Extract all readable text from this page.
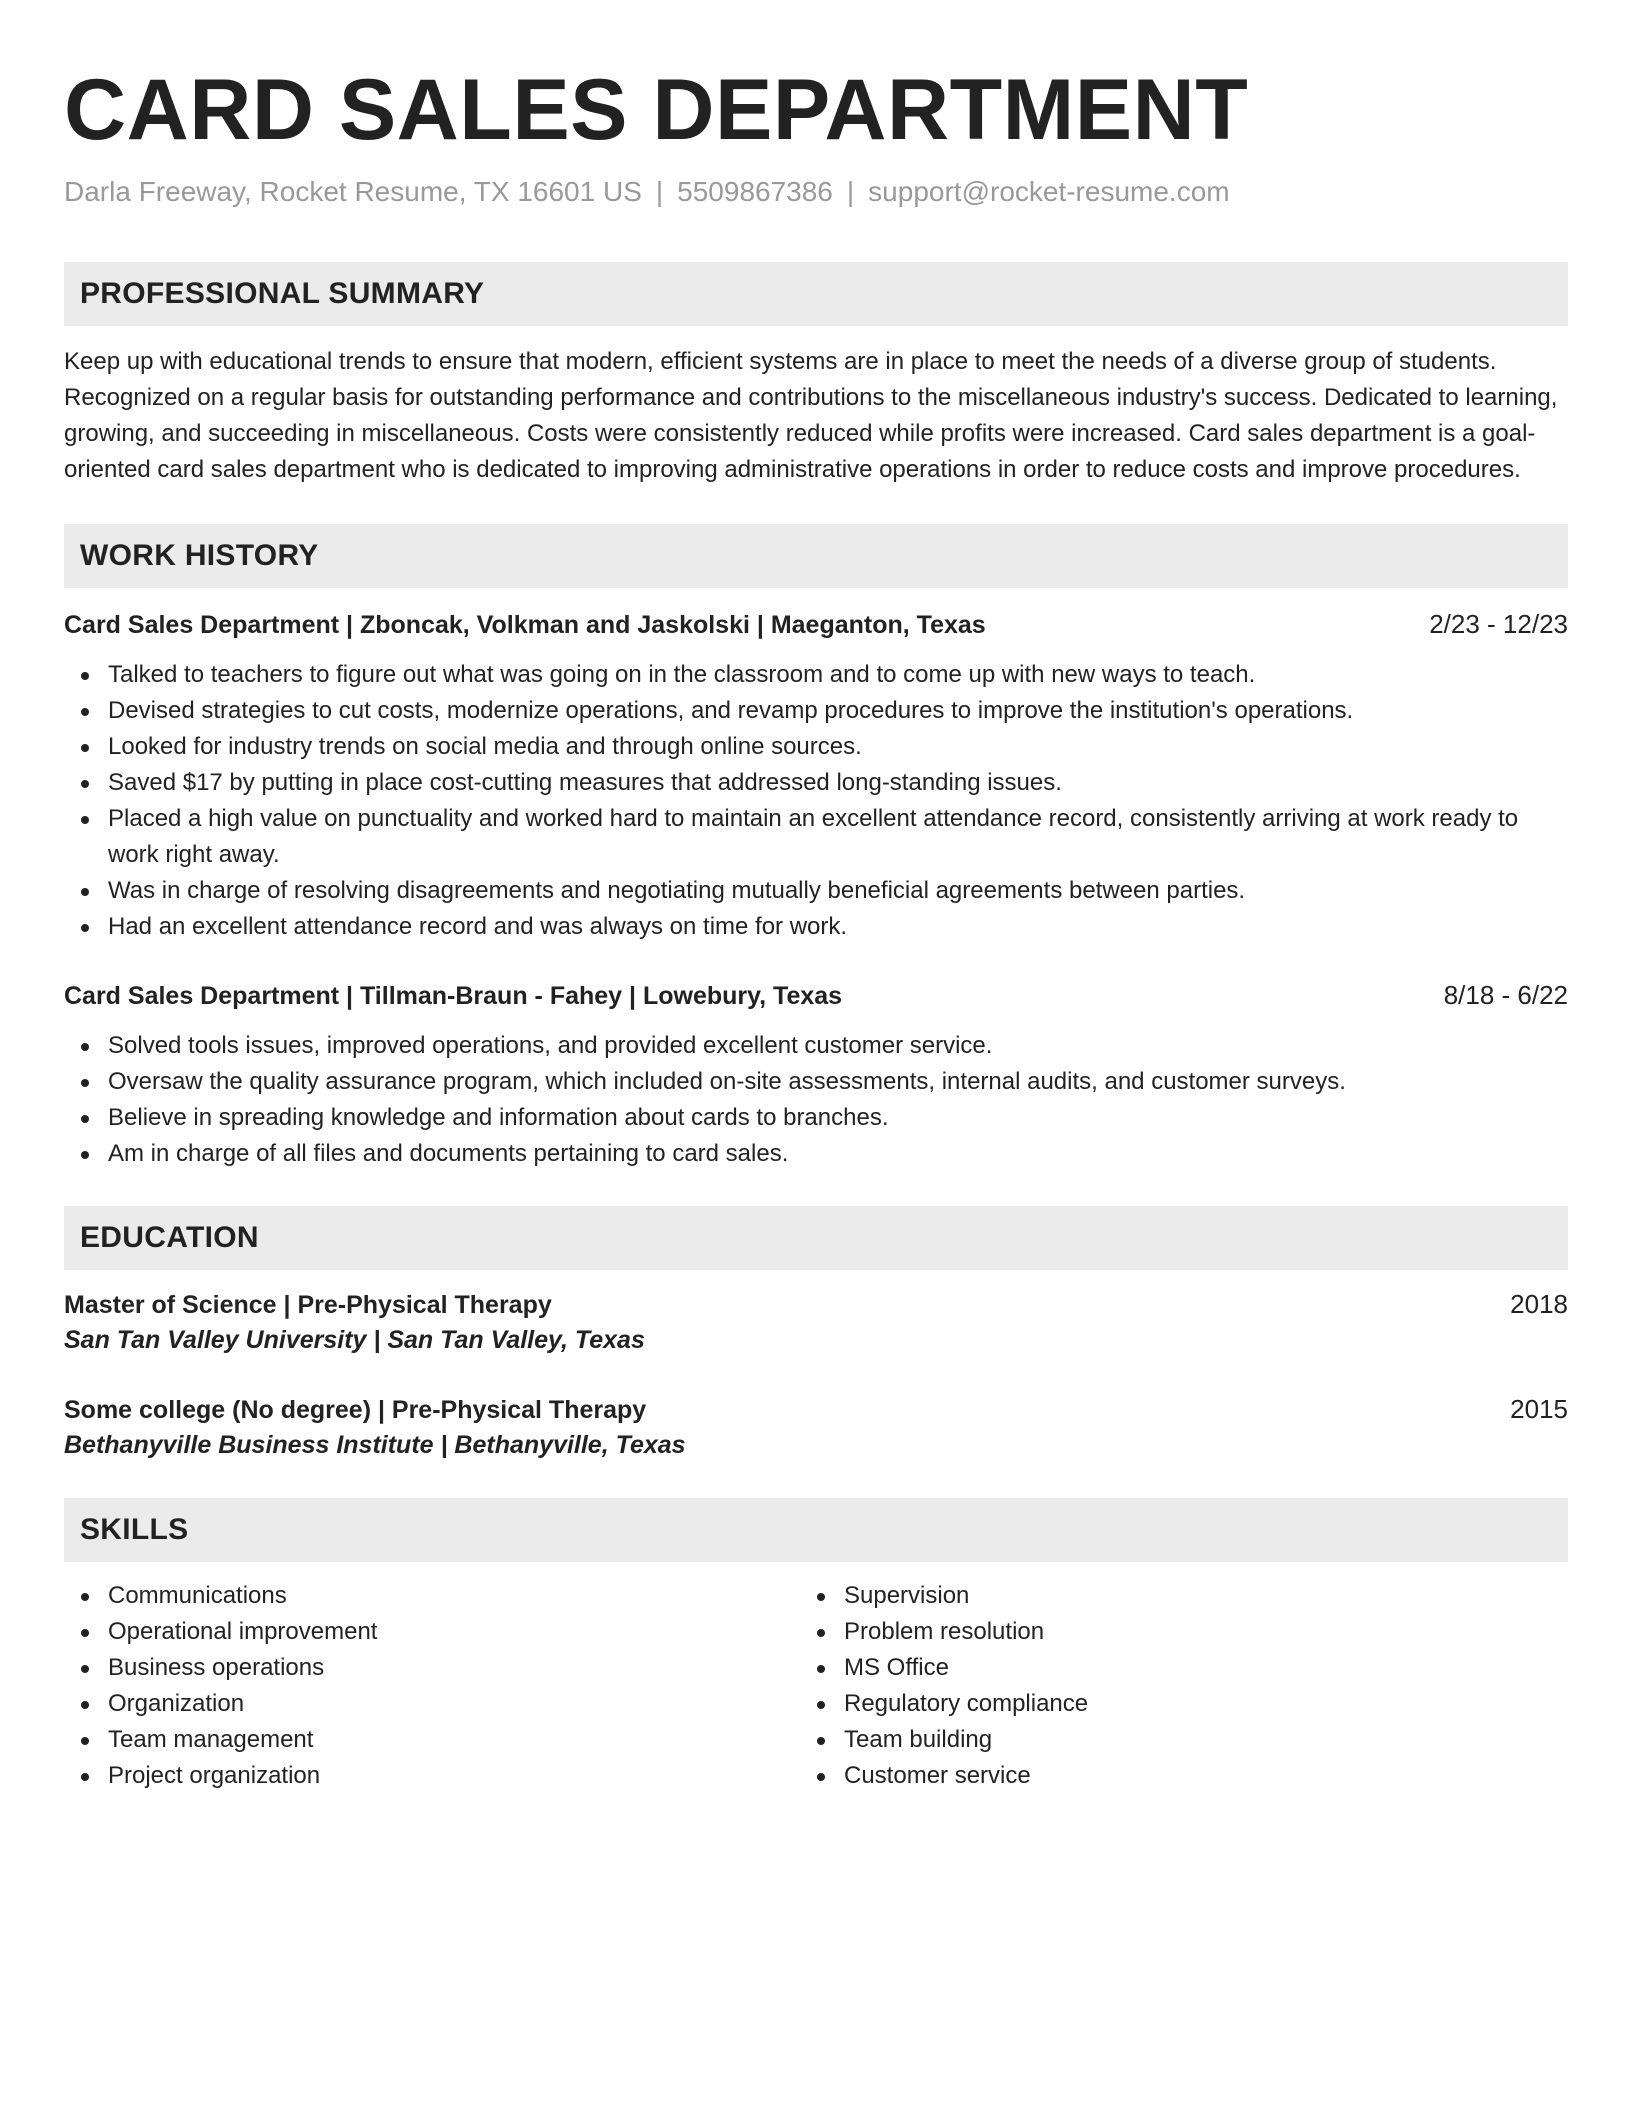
CARD SALES DEPARTMENT
Darla Freeway, Rocket Resume, TX 16601 US | 5509867386 | support@rocket-resume.com
PROFESSIONAL SUMMARY

Keep up with educational trends to ensure that modern, efficient systems are in place to meet the needs of a diverse group of students. Recognized on a regular basis for outstanding performance and contributions to the miscellaneous industry's success. Dedicated to learning, growing, and succeeding in miscellaneous. Costs were consistently reduced while profits were increased. Card sales department is a goal-oriented card sales department who is dedicated to improving administrative operations in order to reduce costs and improve procedures.

WORK HISTORY
Card Sales Department | Zboncak, Volkman and Jaskolski | Maeganton, Texas	2/23 - 12/23
Talked to teachers to figure out what was going on in the classroom and to come up with new ways to teach.
Devised strategies to cut costs, modernize operations, and revamp procedures to improve the institution's operations.
Looked for industry trends on social media and through online sources.
Saved $17 by putting in place cost-cutting measures that addressed long-standing issues.
Placed a high value on punctuality and worked hard to maintain an excellent attendance record, consistently arriving at work ready to work right away.
Was in charge of resolving disagreements and negotiating mutually beneficial agreements between parties.
Had an excellent attendance record and was always on time for work.
Card Sales Department | Tillman-Braun - Fahey | Lowebury, Texas	8/18 - 6/22
Solved tools issues, improved operations, and provided excellent customer service.
Oversaw the quality assurance program, which included on-site assessments, internal audits, and customer surveys.
Believe in spreading knowledge and information about cards to branches.
Am in charge of all files and documents pertaining to card sales.
EDUCATION
Master of Science | Pre-Physical Therapy	2018
San Tan Valley University | San Tan Valley, Texas
Some college (No degree) | Pre-Physical Therapy	2015
Bethanyville Business Institute | Bethanyville, Texas
SKILLS
Communications
Operational improvement
Business operations
Organization
Team management
Project organization
Supervision
Problem resolution
MS Office
Regulatory compliance
Team building
Customer service
